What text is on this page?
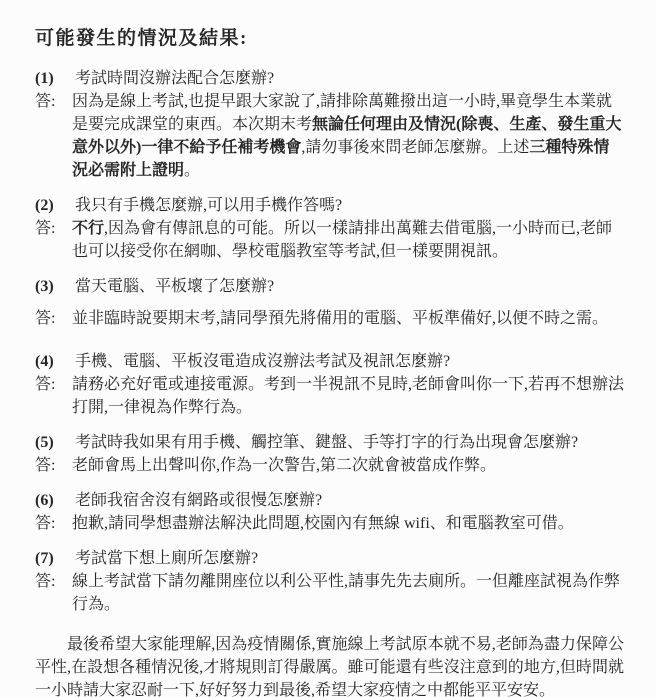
可能發生的情況及結果:
(1)	考試時間沒辦法配合怎麼辦?
答:	因為是線上考試,也提早跟大家說了,請排除萬難撥出這一小時,畢竟學生本業就是要完成課堂的東西。本次期末考無論任何理由及情況(除喪、生產、發生重大意外以外)一律不給予任補考機會,請勿事後來問老師怎麼辦。上述三種特殊情況必需附上證明。
(2)	我只有手機怎麼辦,可以用手機作答嗎?
答:	不行,因為會有傳訊息的可能。所以一樣請排出萬難去借電腦,一小時而已,老師也可以接受你在網咖、學校電腦教室等考試,但一樣要開視訊。
(3)	當天電腦、平板壞了怎麼辦?
答:	並非臨時說要期末考,請同學預先將備用的電腦、平板準備好,以便不時之需。
(4)	手機、電腦、平板沒電造成沒辦法考試及視訊怎麼辦?
答:	請務必充好電或連接電源。考到一半視訊不見時,老師會叫你一下,若再不想辦法打開,一律視為作弊行為。
(5)	考試時我如果有用手機、觸控筆、鍵盤、手等打字的行為出現會怎麼辦?
答:	老師會馬上出聲叫你,作為一次警告,第二次就會被當成作弊。
(6)	老師我宿舍沒有網路或很慢怎麼辦?
答:	抱歉,請同學想盡辦法解決此問題,校園內有無線 wifi、和電腦教室可借。
(7)	考試當下想上廁所怎麼辦?
答:	線上考試當下請勿離開座位以利公平性,請事先先去廁所。一但離座試視為作弊行為。

最後希望大家能理解,因為疫情關係,實施線上考試原本就不易,老師為盡力保障公平性,在設想各種情況後,才將規則訂得嚴厲。雖可能還有些沒注意到的地方,但時間就一小時請大家忍耐一下,好好努力到最後,希望大家疫情之中都能平平安安。
